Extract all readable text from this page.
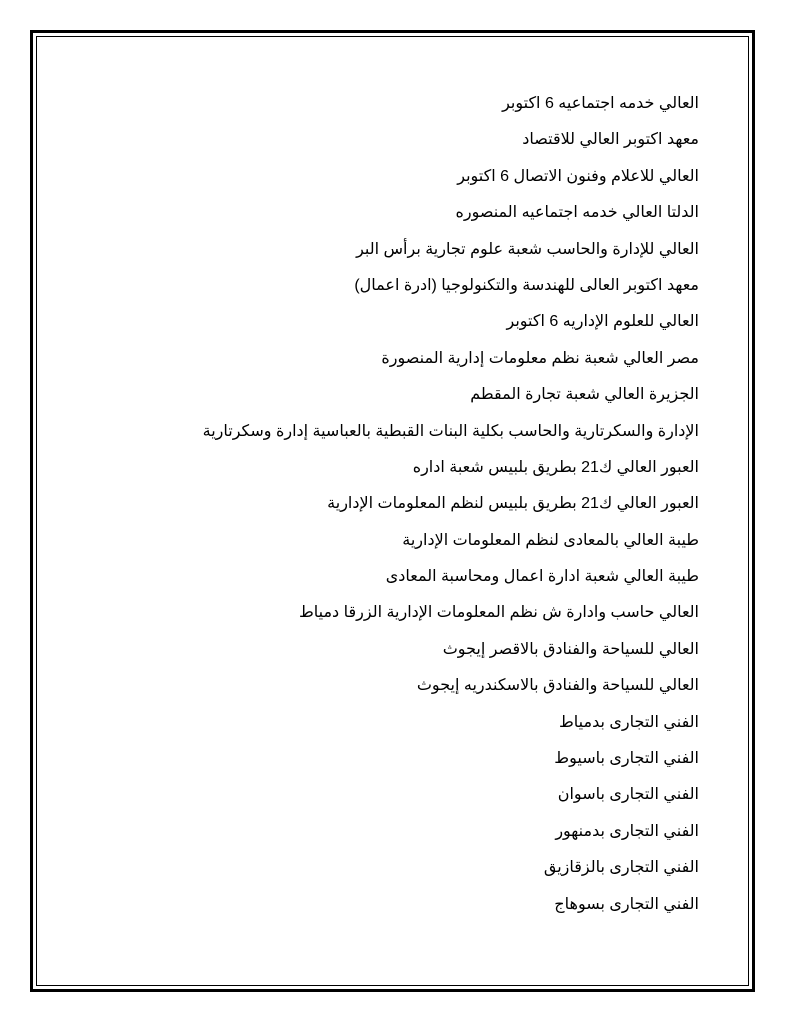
العالي خدمه اجتماعيه 6 اكتوبر
معهد اكتوبر العالي للاقتصاد
العالي للاعلام وفنون الاتصال 6 اكتوبر
الدلتا العالي خدمه اجتماعيه المنصوره
العالي للإدارة والحاسب شعبة علوم تجارية برأس البر
معهد اكتوبر العالى للهندسة والتكنولوجيا (ادرة اعمال)
العالي للعلوم الإداريه 6 اكتوبر
مصر العالي شعبة نظم معلومات إدارية المنصورة
الجزيرة العالي شعبة تجارة المقطم
الإدارة والسكرتارية والحاسب بكلية البنات القبطية بالعباسية إدارة وسكرتارية
العبور العالي ك21 بطريق بلبيس شعبة اداره
العبور العالي ك21 بطريق بلبيس لنظم المعلومات الإدارية
طيبة العالي بالمعادى لنظم المعلومات الإدارية
طيبة العالي شعبة ادارة اعمال ومحاسبة المعادى
العالي حاسب وادارة ش نظم المعلومات الإدارية الزرقا دمياط
العالي للسياحة والفنادق بالاقصر إيجوث
العالي للسياحة والفنادق بالاسكندريه إيجوث
الفني التجارى بدمياط
الفني التجارى باسيوط
الفني التجارى باسوان
الفني التجارى بدمنهور
الفني التجارى بالزقازيق
الفني التجارى بسوهاج
